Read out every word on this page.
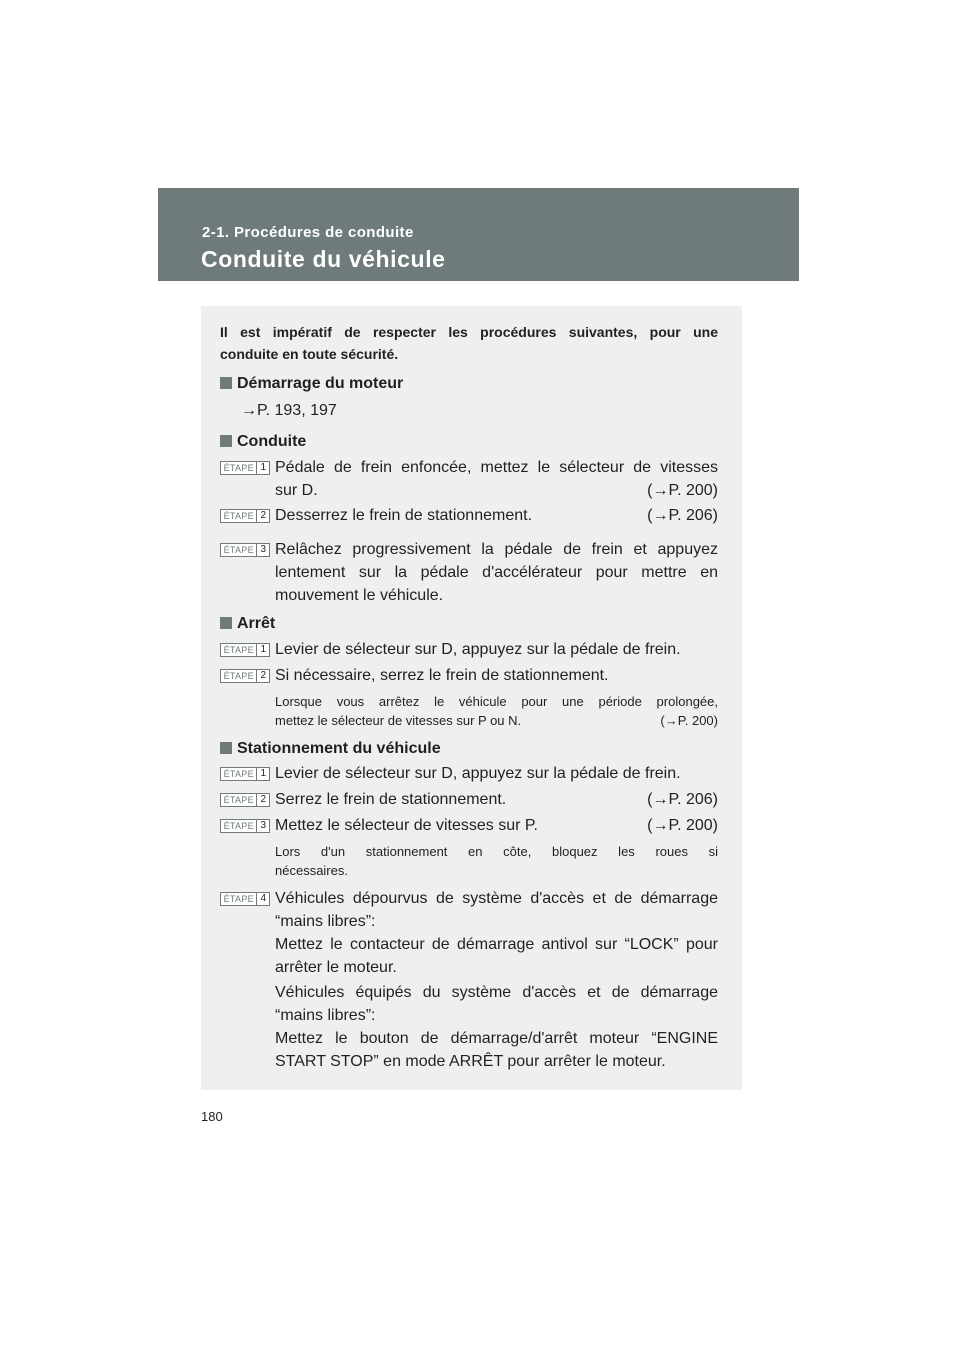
2-1. Procédures de conduite
Conduite du véhicule
Il est impératif de respecter les procédures suivantes, pour une
conduite en toute sécurité.
Démarrage du moteur
→P. 193, 197
Conduite
ÉTAPE 1 Pédale de frein enfoncée, mettez le sélecteur de vitesses
sur D.	(→P. 200)
ÉTAPE 2 Desserrez le frein de stationnement.	(→P. 206)
ÉTAPE 3 Relâchez progressivement la pédale de frein et appuyez
lentement sur la pédale d'accélérateur pour mettre en
mouvement le véhicule.
Arrêt
ÉTAPE 1 Levier de sélecteur sur D, appuyez sur la pédale de frein.
ÉTAPE 2 Si nécessaire, serrez le frein de stationnement.
Lorsque vous arrêtez le véhicule pour une période prolongée,
mettez le sélecteur de vitesses sur P ou N.	(→P. 200)
Stationnement du véhicule
ÉTAPE 1 Levier de sélecteur sur D, appuyez sur la pédale de frein.
ÉTAPE 2 Serrez le frein de stationnement.	(→P. 206)
ÉTAPE 3 Mettez le sélecteur de vitesses sur P.	(→P. 200)
Lors d'un stationnement en côte, bloquez les roues si
nécessaires.
ÉTAPE 4 Véhicules dépourvus de système d'accès et de démarrage
“mains libres”:
Mettez le contacteur de démarrage antivol sur “LOCK” pour
arrêter le moteur.
Véhicules équipés du système d'accès et de démarrage
“mains libres”:
Mettez le bouton de démarrage/d'arrêt moteur “ENGINE
START STOP” en mode ARRÊT pour arrêter le moteur.
180
